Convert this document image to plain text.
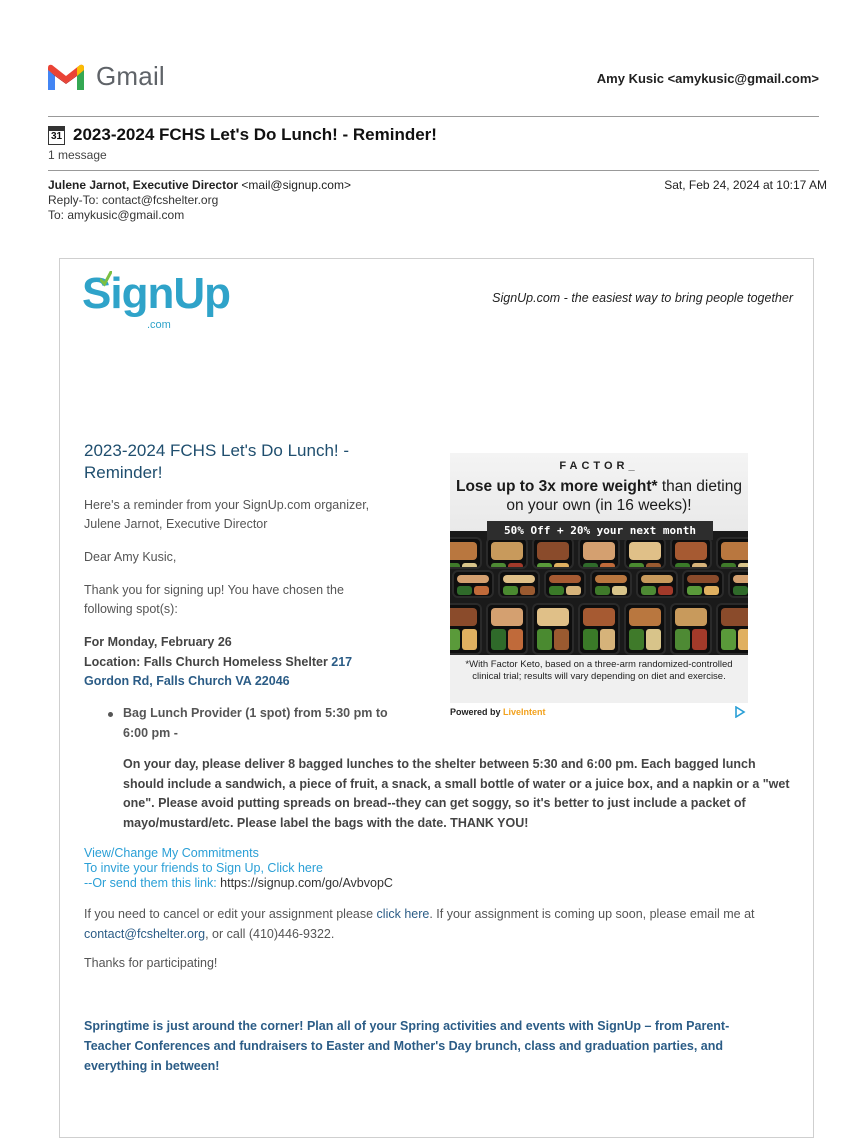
Gmail	Amy Kusic <amykusic@gmail.com>
31 2023-2024 FCHS Let's Do Lunch! - Reminder!
1 message
Julene Jarnot, Executive Director <mail@signup.com>	Sat, Feb 24, 2024 at 10:17 AM
Reply-To: contact@fcshelter.org
To: amykusic@gmail.com
SignUp
.com
SignUp.com - the easiest way to bring people together
2023-2024 FCHS Let's Do Lunch! - Reminder!
Here's a reminder from your SignUp.com organizer, Julene Jarnot, Executive Director
Dear Amy Kusic,
Thank you for signing up! You have chosen the following spot(s):
For Monday, February 26
Location: Falls Church Homeless Shelter 217 Gordon Rd, Falls Church VA 22046
Bag Lunch Provider (1 spot) from 5:30 pm to 6:00 pm -
On your day, please deliver 8 bagged lunches to the shelter between 5:30 and 6:00 pm. Each bagged lunch should include a sandwich, a piece of fruit, a snack, a small bottle of water or a juice box, and a napkin or a "wet one". Please avoid putting spreads on bread--they can get soggy, so it's better to just include a packet of mayo/mustard/etc. Please label the bags with the date. THANK YOU!
View/Change My Commitments
To invite your friends to Sign Up, Click here
--Or send them this link: https://signup.com/go/AvbvopC
If you need to cancel or edit your assignment please click here. If your assignment is coming up soon, please email me at contact@fcshelter.org, or call (410)446-9322.
Thanks for participating!
Springtime is just around the corner! Plan all of your Spring activities and events with SignUp – from Parent-Teacher Conferences and fundraisers to Easter and Mother's Day brunch, class and graduation parties, and everything in between!
FACTOR_
Lose up to 3x more weight* than dieting on your own (in 16 weeks)!
50% Off + 20% your next month
*With Factor Keto, based on a three-arm randomized-controlled clinical trial; results will vary depending on diet and exercise.
Powered by LiveIntent
